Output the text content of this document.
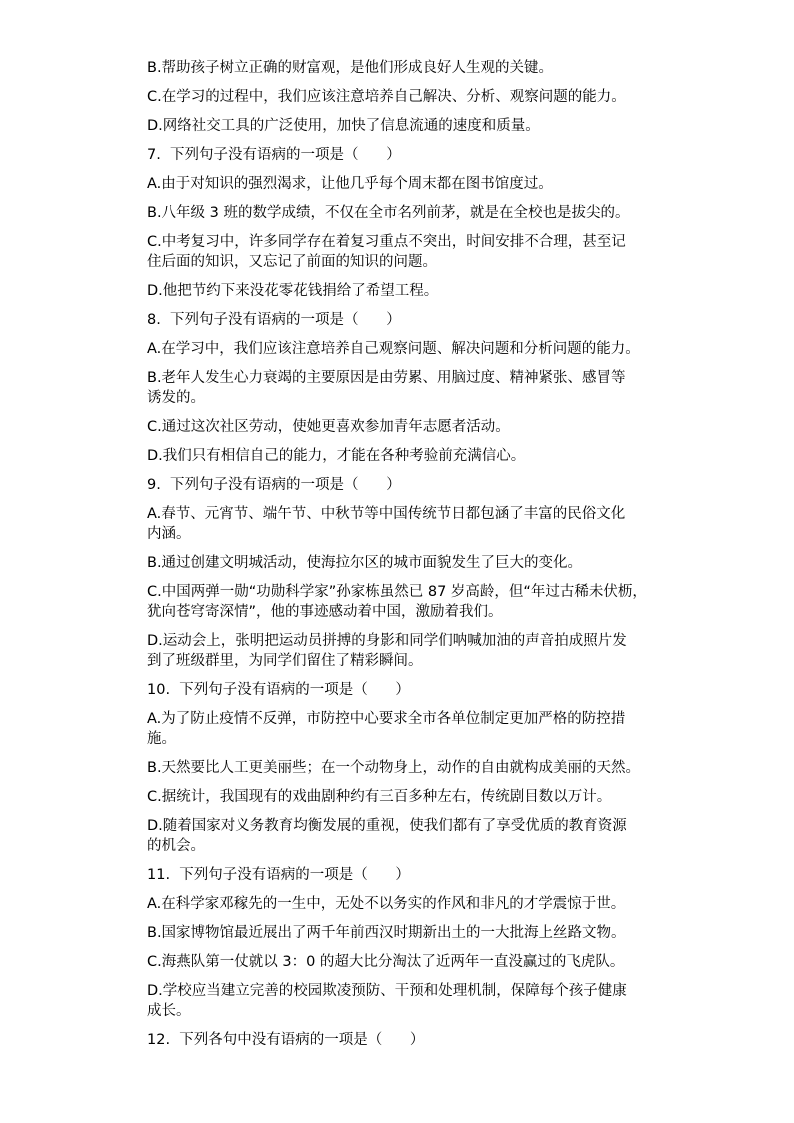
B.帮助孩子树立正确的财富观，是他们形成良好人生观的关键。
C.在学习的过程中，我们应该注意培养自己解决、分析、观察问题的能力。
D.网络社交工具的广泛使用，加快了信息流通的速度和质量。
7.  下列句子没有语病的一项是（      ）
A.由于对知识的强烈渴求，让他几乎每个周末都在图书馆度过。
B.八年级 3 班的数学成绩，不仅在全市名列前茅，就是在全校也是拔尖的。
C.中考复习中，许多同学存在着复习重点不突出，时间安排不合理，甚至记
住后面的知识，又忘记了前面的知识的问题。
D.他把节约下来没花零花钱捐给了希望工程。
8.  下列句子没有语病的一项是（      ）
A.在学习中，我们应该注意培养自己观察问题、解决问题和分析问题的能力。
B.老年人发生心力衰竭的主要原因是由劳累、用脑过度、精神紧张、感冒等
诱发的。
C.通过这次社区劳动，使她更喜欢参加青年志愿者活动。
D.我们只有相信自己的能力，才能在各种考验前充满信心。
9.  下列句子没有语病的一项是（      ）
A.春节、元宵节、端午节、中秋节等中国传统节日都包涵了丰富的民俗文化
内涵。
B.通过创建文明城活动，使海拉尔区的城市面貌发生了巨大的变化。
C.中国两弹一勋“功勋科学家”孙家栋虽然已 87 岁高龄，但“年过古稀未伏枥，
犹向苍穹寄深情”，他的事迹感动着中国，激励着我们。
D.运动会上，张明把运动员拼搏的身影和同学们呐喊加油的声音拍成照片发
到了班级群里，为同学们留住了精彩瞬间。
10.  下列句子没有语病的一项是（      ）
A.为了防止疫情不反弹，市防控中心要求全市各单位制定更加严格的防控措
施。
B.天然要比人工更美丽些；在一个动物身上，动作的自由就构成美丽的天然。
C.据统计，我国现有的戏曲剧种约有三百多种左右，传统剧目数以万计。
D.随着国家对义务教育均衡发展的重视，使我们都有了享受优质的教育资源
的机会。
11.  下列句子没有语病的一项是（      ）
A.在科学家邓稼先的一生中，无处不以务实的作风和非凡的才学震惊于世。
B.国家博物馆最近展出了两千年前西汉时期新出土的一大批海上丝路文物。
C.海燕队第一仗就以 3：0 的超大比分淘汰了近两年一直没赢过的飞虎队。
D.学校应当建立完善的校园欺凌预防、干预和处理机制，保障每个孩子健康
成长。
12.  下列各句中没有语病的一项是（      ）
